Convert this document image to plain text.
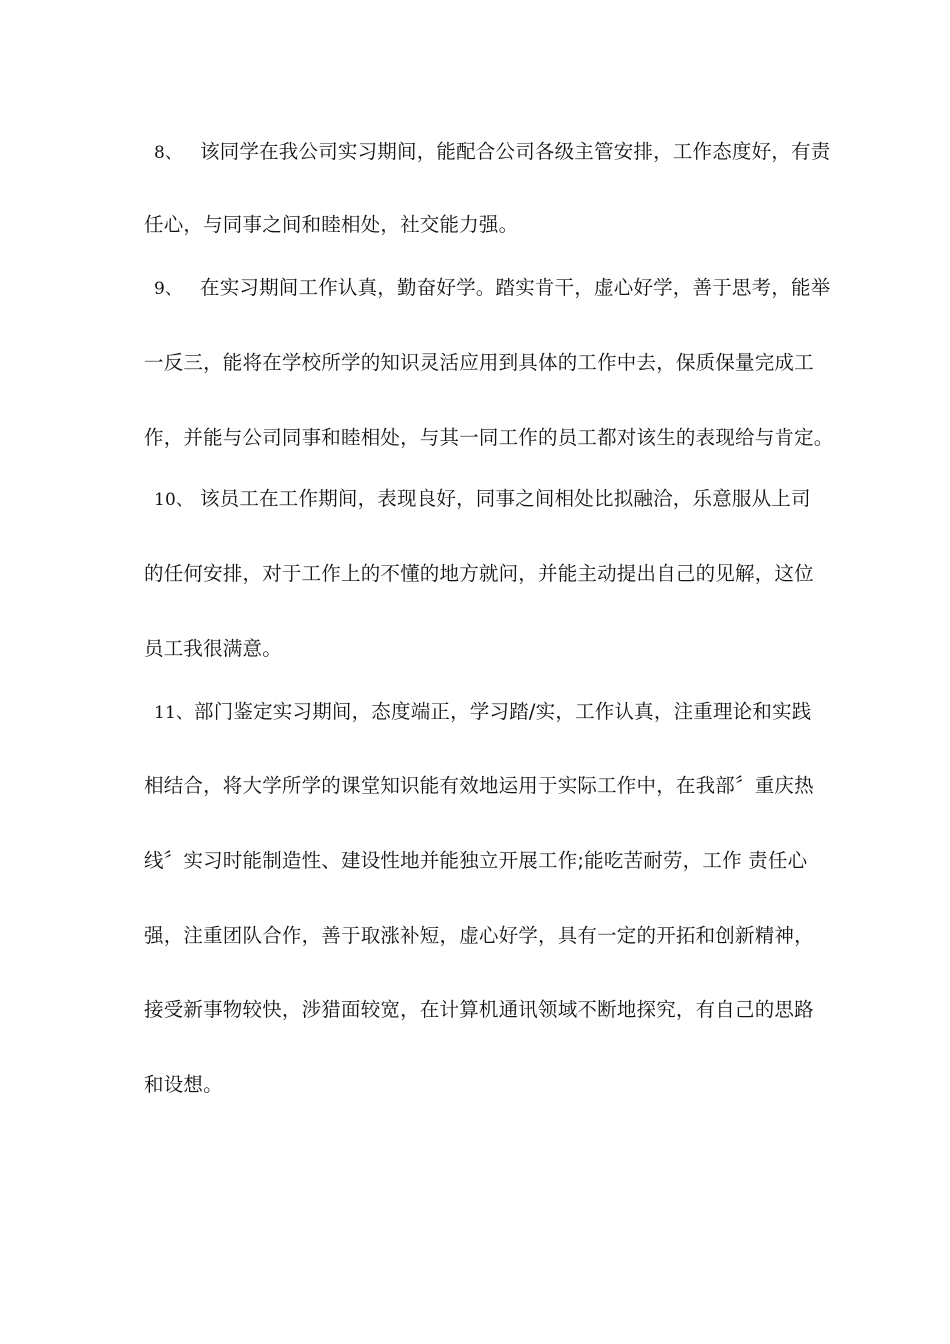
8、 该同学在我公司实习期间，能配合公司各级主管安排，工作态度好，有责
任心，与同事之间和睦相处，社交能力强。
9、 在实习期间工作认真，勤奋好学。踏实肯干，虚心好学，善于思考，能举
一反三，能将在学校所学的知识灵活应用到具体的工作中去，保质保量完成工
作，并能与公司同事和睦相处，与其一同工作的员工都对该生的表现给与肯定。
10、 该员工在工作期间，表现良好，同事之间相处比拟融洽，乐意服从上司
的任何安排，对于工作上的不懂的地方就问，并能主动提出自己的见解，这位
员工我很满意。
11、部门鉴定实习期间，态度端正，学习踏/实，工作认真，注重理论和实践
相结合，将大学所学的课堂知识能有效地运用于实际工作中，在我部〞重庆热
线〞实习时能制造性、建设性地并能独立开展工作;能吃苦耐劳，工作 责任心
强，注重团队合作，善于取涨补短，虚心好学，具有一定的开拓和创新精神，
接受新事物较快，涉猎面较宽，在计算机通讯领域不断地探究，有自己的思路
和设想。
